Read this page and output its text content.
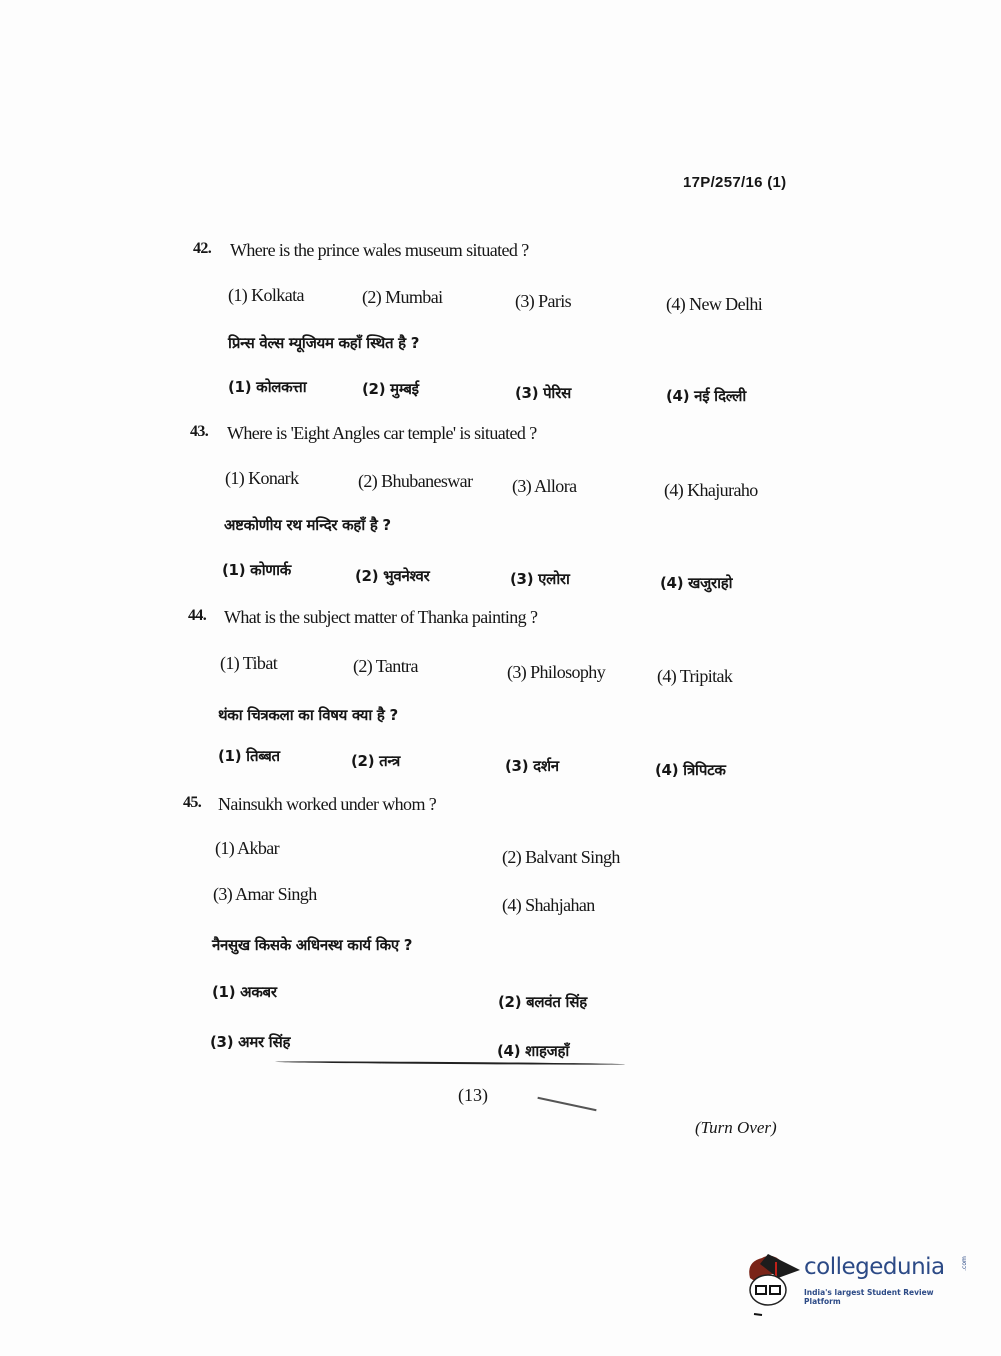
17P/257/16 (1)
42. Where is the prince wales museum situated ?
(1) Kolkata	(2) Mumbai	(3) Paris	(4) New Delhi
प्रिन्स वेल्स म्यूजियम कहाँ स्थित है ?
(1) कोलकत्ता	(2) मुम्बई	(3) पेरिस	(4) नई दिल्ली
43. Where is 'Eight Angles car temple' is situated ?
(1) Konark	(2) Bhubaneswar (3) Allora	(4) Khajuraho
अष्टकोणीय रथ मन्दिर कहाँ है ?
(1) कोणार्क	(2) भुवनेश्वर	(3) एलोरा	(4) खजुराहो
44. What is the subject matter of Thanka painting ?
(1) Tibat	(2) Tantra	(3) Philosophy	(4) Tripitak
थंका चित्रकला का विषय क्या है ?
(1) तिब्बत	(2) तन्त्र	(3) दर्शन	(4) त्रिपिटक
45. Nainsukh worked under whom ?
(1) Akbar	(2) Balvant Singh
(3) Amar Singh
(4) Shahjahan
नैनसुख किसके अधिनस्थ कार्य किए ?
(1) अकबर
(2) बलवंत सिंह
(3) अमर सिंह	(4) शाहजहाँ
(13)
(Turn Over)
collegedunia	.com
India's largest Student Review Platform
